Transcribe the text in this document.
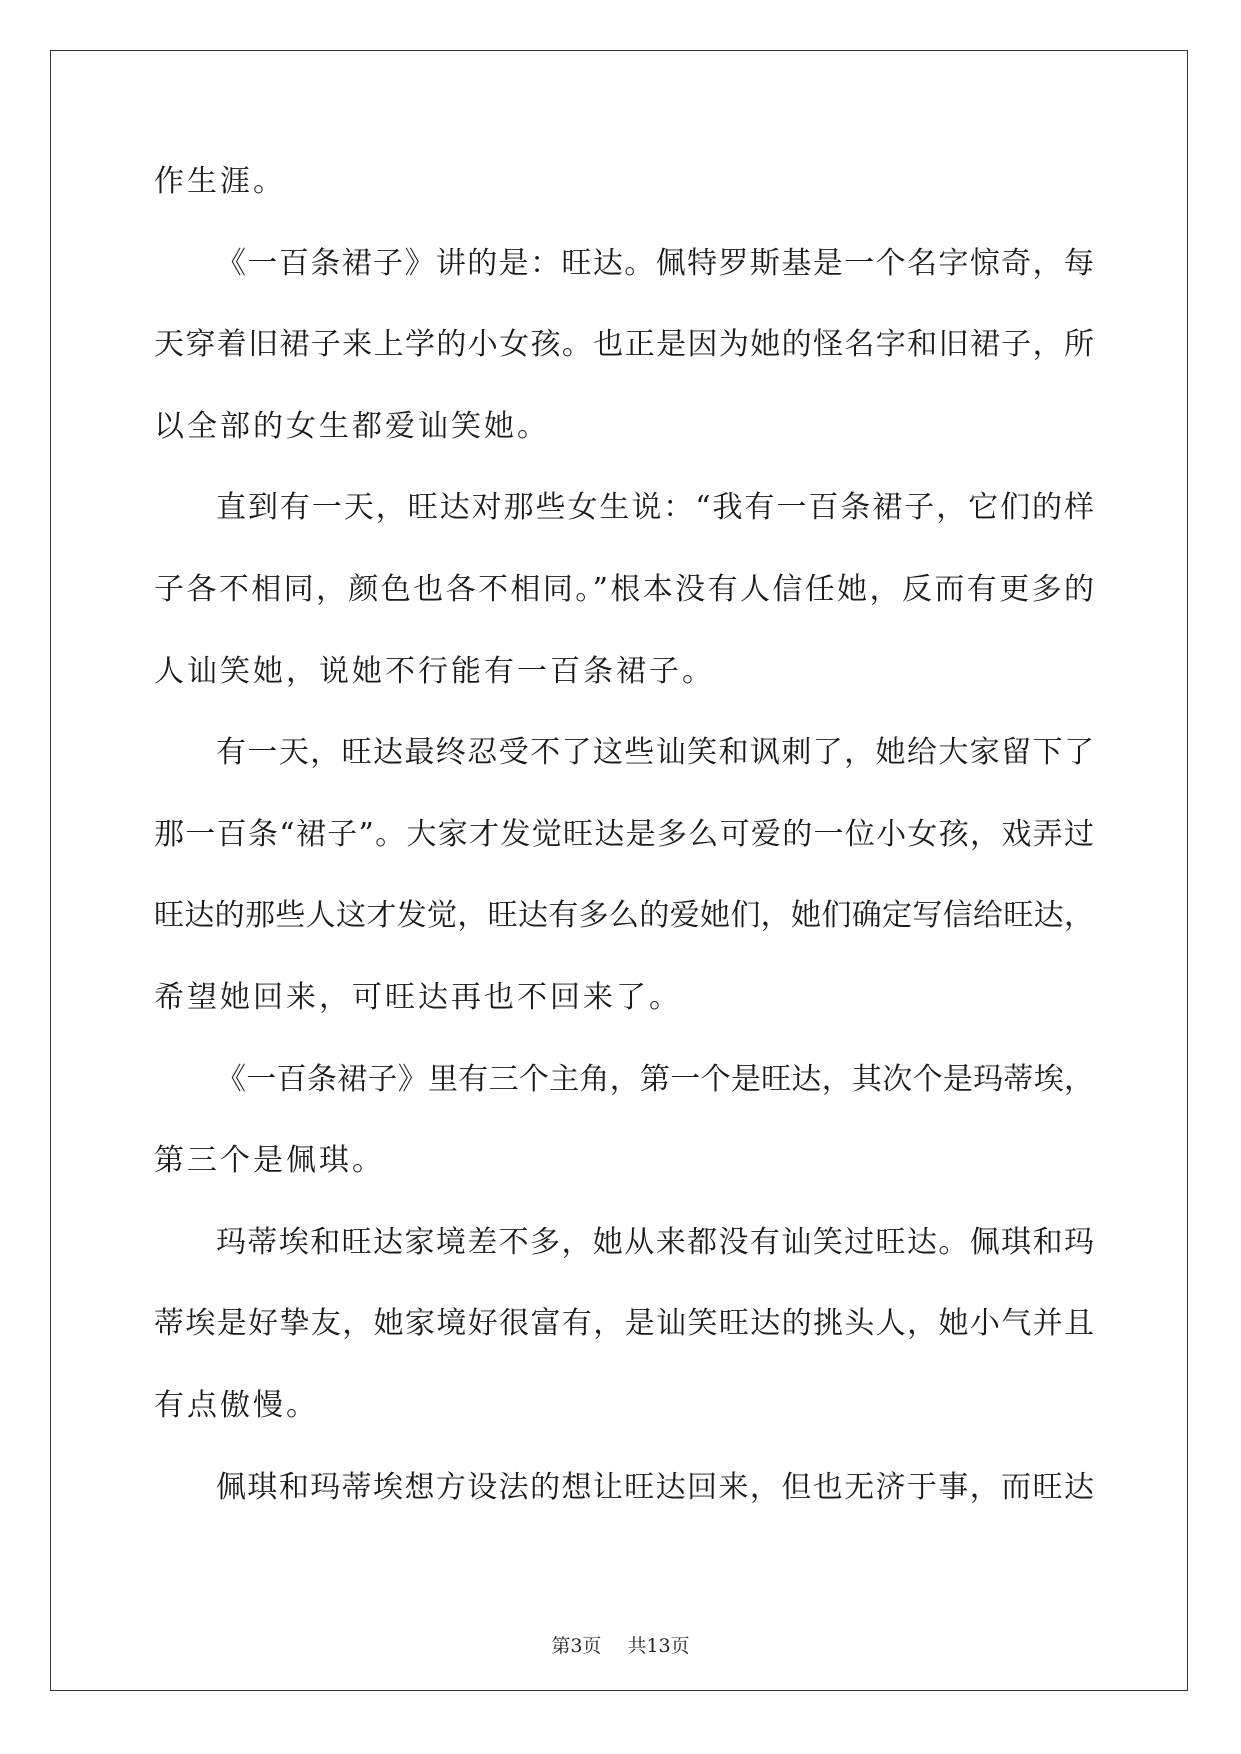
作生涯。
《一百条裙子》讲的是：旺达。佩特罗斯基是一个名字惊奇，每
天穿着旧裙子来上学的小女孩。也正是因为她的怪名字和旧裙子，所
以全部的女生都爱讪笑她。
直到有一天，旺达对那些女生说：“我有一百条裙子，它们的样
子各不相同，颜色也各不相同。”根本没有人信任她，反而有更多的
人讪笑她，说她不行能有一百条裙子。
有一天，旺达最终忍受不了这些讪笑和讽刺了，她给大家留下了
那一百条“裙子”。大家才发觉旺达是多么可爱的一位小女孩，戏弄过
旺达的那些人这才发觉，旺达有多么的爱她们，她们确定写信给旺达，
希望她回来，可旺达再也不回来了。
《一百条裙子》里有三个主角，第一个是旺达，其次个是玛蒂埃，
第三个是佩琪。
玛蒂埃和旺达家境差不多，她从来都没有讪笑过旺达。佩琪和玛
蒂埃是好挚友，她家境好很富有，是讪笑旺达的挑头人，她小气并且
有点傲慢。
佩琪和玛蒂埃想方设法的想让旺达回来，但也无济于事，而旺达
第3页 共13页
